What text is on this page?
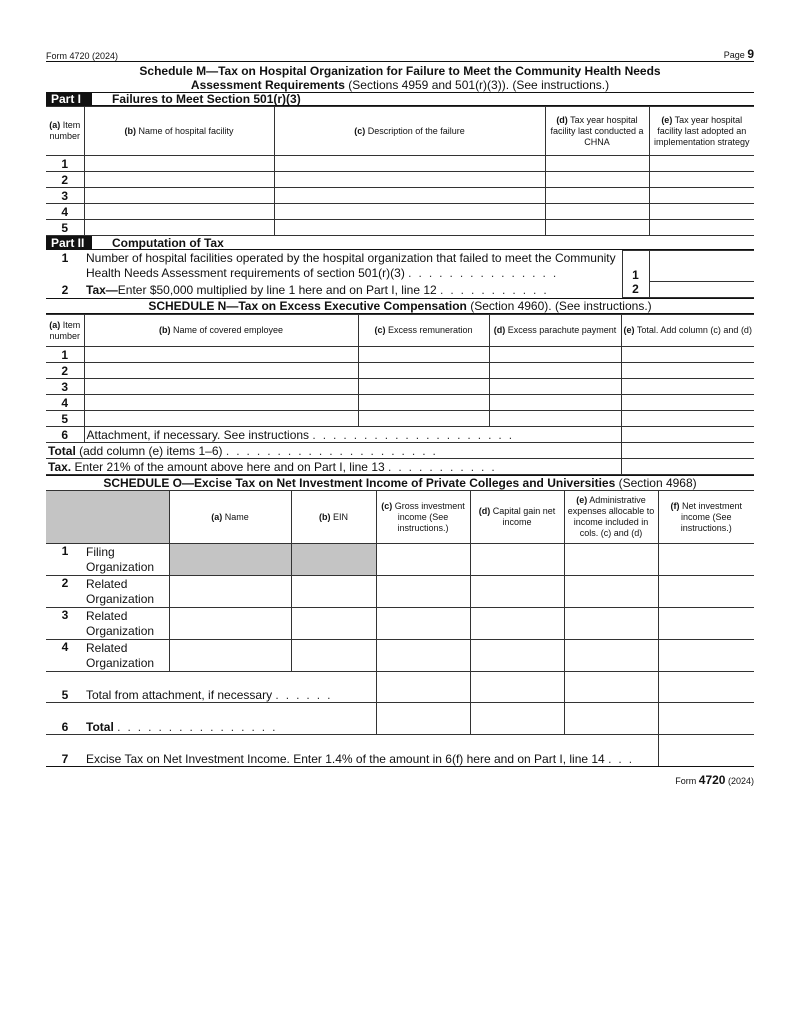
Form 4720 (2024)	Page 9
Schedule M—Tax on Hospital Organization for Failure to Meet the Community Health Needs
Assessment Requirements (Sections 4959 and 501(r)(3)). (See instructions.)
Part I	Failures to Meet Section 501(r)(3)
(a) Item number	(b) Name of hospital facility	(c) Description of the failure	(d) Tax year hospital facility last conducted a CHNA	(e) Tax year hospital facility last adopted an implementation strategy
1				
2				
3				
4				
5				
Part II	Computation of Tax
1	Number of hospital facilities operated by the hospital organization that failed to meet the Community
Health Needs Assessment requirements of section 501(r)(3) ...............	1	
2	Tax—Enter $50,000 multiplied by line 1 here and on Part I, line 12 ...........	2	
SCHEDULE N—Tax on Excess Executive Compensation (Section 4960). (See instructions.)
(a) Item number	(b) Name of covered employee	(c) Excess remuneration	(d) Excess parachute payment	(e) Total. Add column (c) and (d)
1				
2				
3				
4				
5				
6	Attachment, if necessary. See instructions ....................			
Total (add column (e) items 1–6) .....................				
Tax. Enter 21% of the amount above here and on Part I, line 13 ...........				
SCHEDULE O—Excise Tax on Net Investment Income of Private Colleges and Universities (Section 4968)
		(a) Name	(b) EIN	(c) Gross investment income (See instructions.)	(d) Capital gain net income	(e) Administrative expenses allocable to income included in cols. (c) and (d)	(f) Net investment income (See instructions.)
1	Filing Organization						
2	Related Organization						
3	Related Organization						
4	Related Organization						
5	Total from attachment, if necessary ......						
6	Total ................						
7	Excise Tax on Net Investment Income. Enter 1.4% of the amount in 6(f) here and on Part I, line 14 ...						
Form 4720 (2024)
